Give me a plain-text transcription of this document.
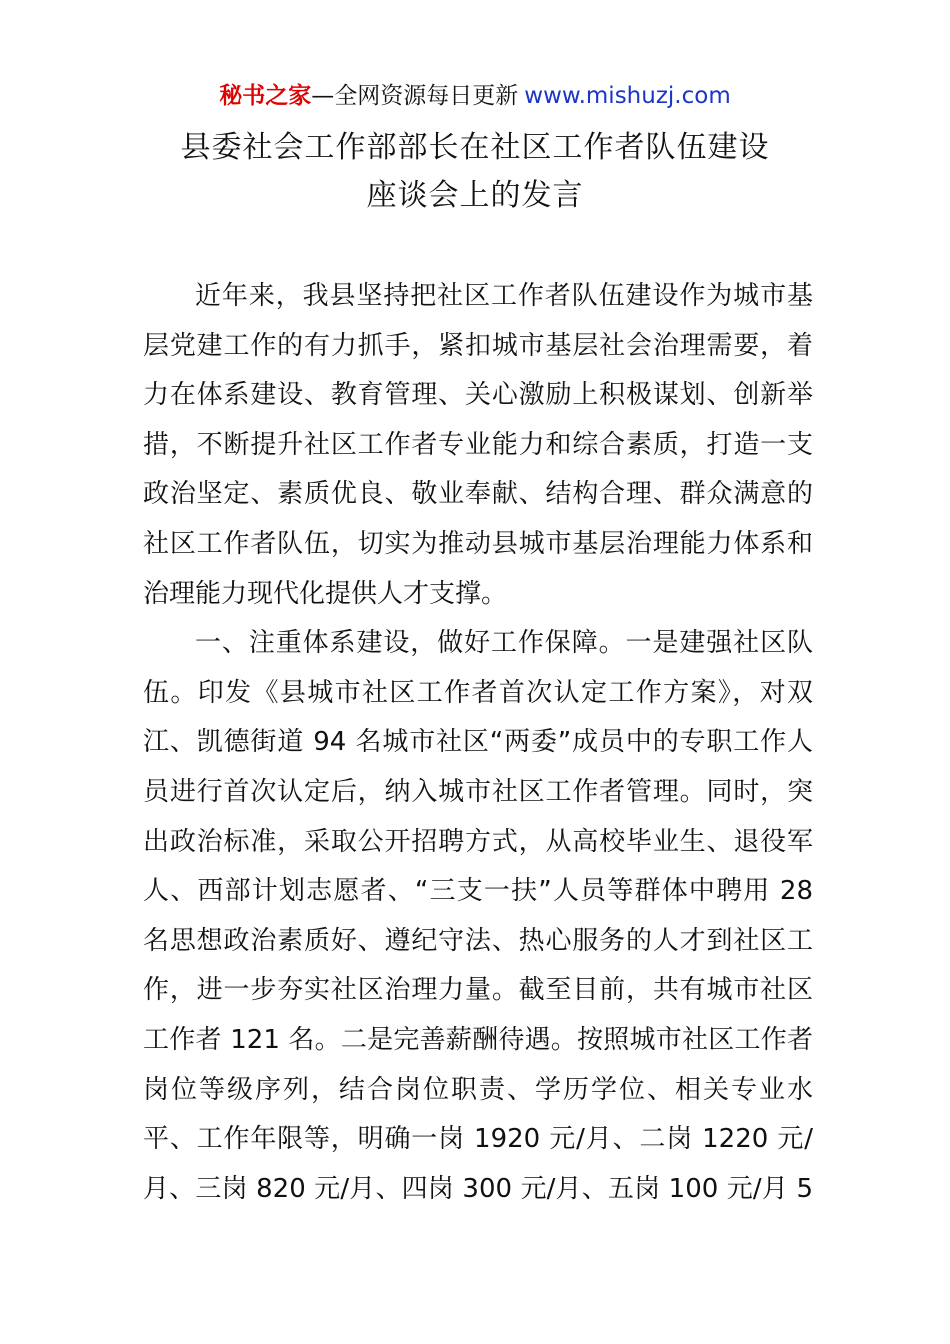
秘书之家—全网资源每日更新 www.mishuzj.com
县委社会工作部部长在社区工作者队伍建设
座谈会上的发言
近年来，我县坚持把社区工作者队伍建设作为城市基
层党建工作的有力抓手，紧扣城市基层社会治理需要，着
力在体系建设、教育管理、关心激励上积极谋划、创新举
措，不断提升社区工作者专业能力和综合素质，打造一支
政治坚定、素质优良、敬业奉献、结构合理、群众满意的
社区工作者队伍，切实为推动县城市基层治理能力体系和
治理能力现代化提供人才支撑。
一、注重体系建设，做好工作保障。一是建强社区队
伍。印发《县城市社区工作者首次认定工作方案》，对双
江、凯德街道 94 名城市社区“两委”成员中的专职工作人
员进行首次认定后，纳入城市社区工作者管理。同时，突
出政治标准，采取公开招聘方式，从高校毕业生、退役军
人、西部计划志愿者、“三支一扶”人员等群体中聘用 28
名思想政治素质好、遵纪守法、热心服务的人才到社区工
作，进一步夯实社区治理力量。截至目前，共有城市社区
工作者 121 名。二是完善薪酬待遇。按照城市社区工作者
岗位等级序列，结合岗位职责、学历学位、相关专业水
平、工作年限等，明确一岗 1920 元/月、二岗 1220 元/
月、三岗 820 元/月、四岗 300 元/月、五岗 100 元/月 5
